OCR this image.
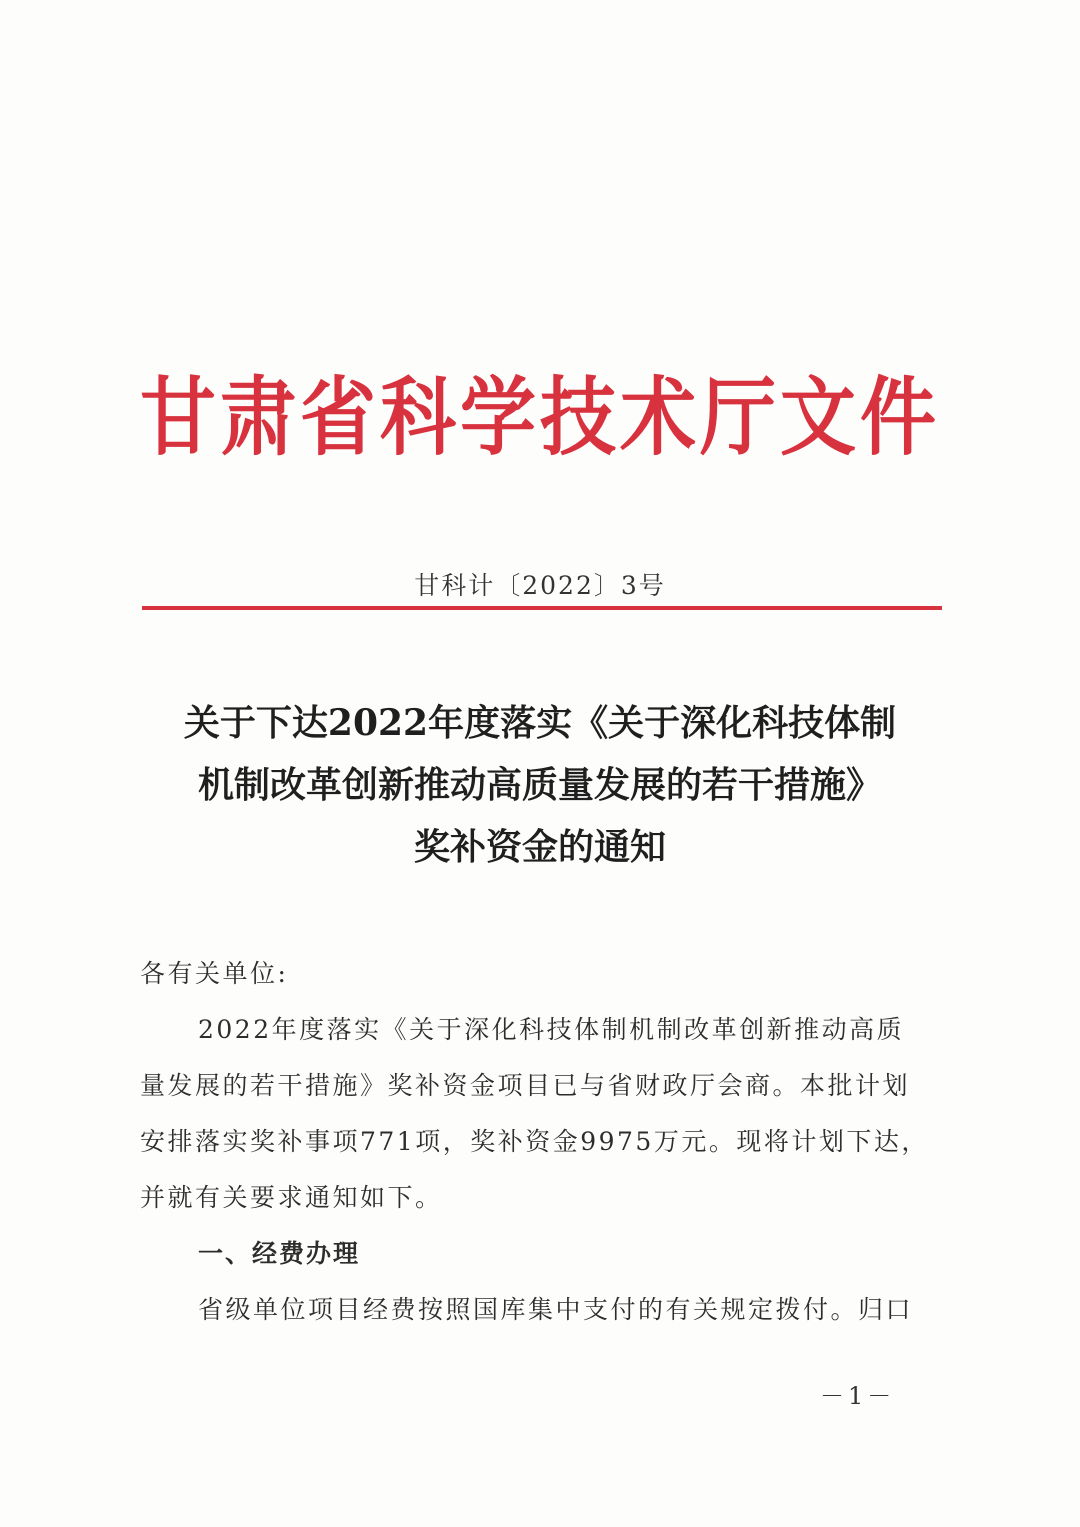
甘肃省科学技术厅文件
甘科计〔2022〕3号
关于下达2022年度落实《关于深化科技体制
机制改革创新推动高质量发展的若干措施》
奖补资金的通知
各有关单位:
2022年度落实《关于深化科技体制机制改革创新推动高质
量发展的若干措施》奖补资金项目已与省财政厅会商。本批计划
安排落实奖补事项771项，奖补资金9975万元。现将计划下达，
并就有关要求通知如下。
一、经费办理
省级单位项目经费按照国库集中支付的有关规定拨付。归口
－1－
